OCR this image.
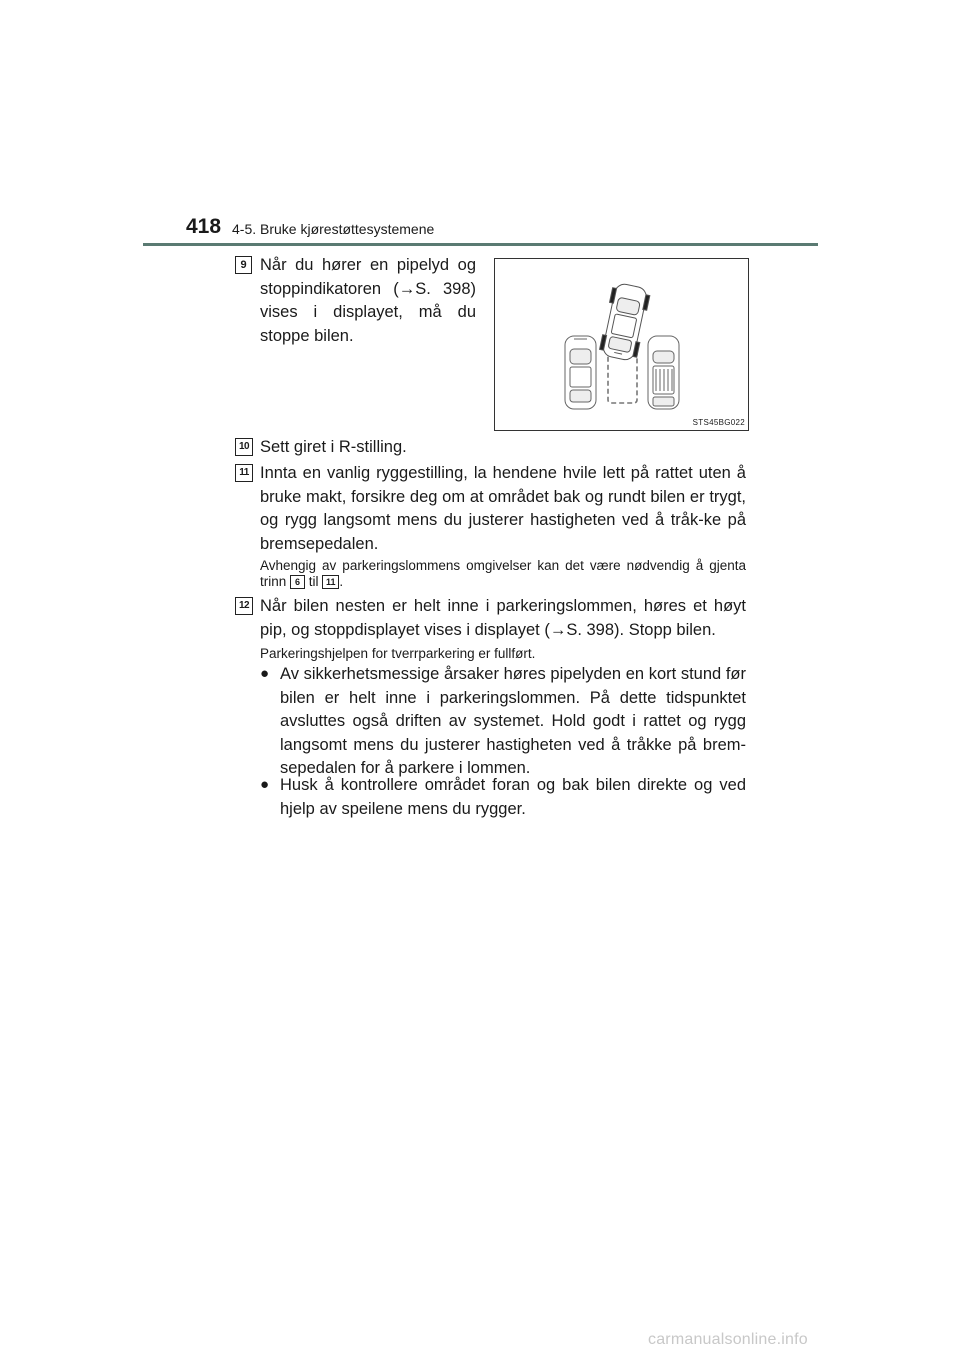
418 4-5. Bruke kjørestøttesystemene
9 Når du hører en pipelyd og stoppindikatoren (→S. 398) vises i displayet, må du stoppe bilen.
STS45BG022
10 Sett giret i R-stilling.
11 Innta en vanlig ryggestilling, la hendene hvile lett på rattet uten å bruke makt, forsikre deg om at området bak og rundt bilen er trygt, og rygg langsomt mens du justerer hastigheten ved å tråk-ke på bremsepedalen.
Avhengig av parkeringslommens omgivelser kan det være nødvendig å gjenta trinn 6 til 11 .
12 Når bilen nesten er helt inne i parkeringslommen, høres et høyt pip, og stoppdisplayet vises i displayet (→S. 398). Stopp bilen.
Parkeringshjelpen for tverrparkering er fullført.
● Av sikkerhetsmessige årsaker høres pipelyden en kort stund før bilen er helt inne i parkeringslommen. På dette tidspunktet avsluttes også driften av systemet. Hold godt i rattet og rygg langsomt mens du justerer hastigheten ved å tråkke på brem-sepedalen for å parkere i lommen.
● Husk å kontrollere området foran og bak bilen direkte og ved hjelp av speilene mens du rygger.
carmanualsonline.info
